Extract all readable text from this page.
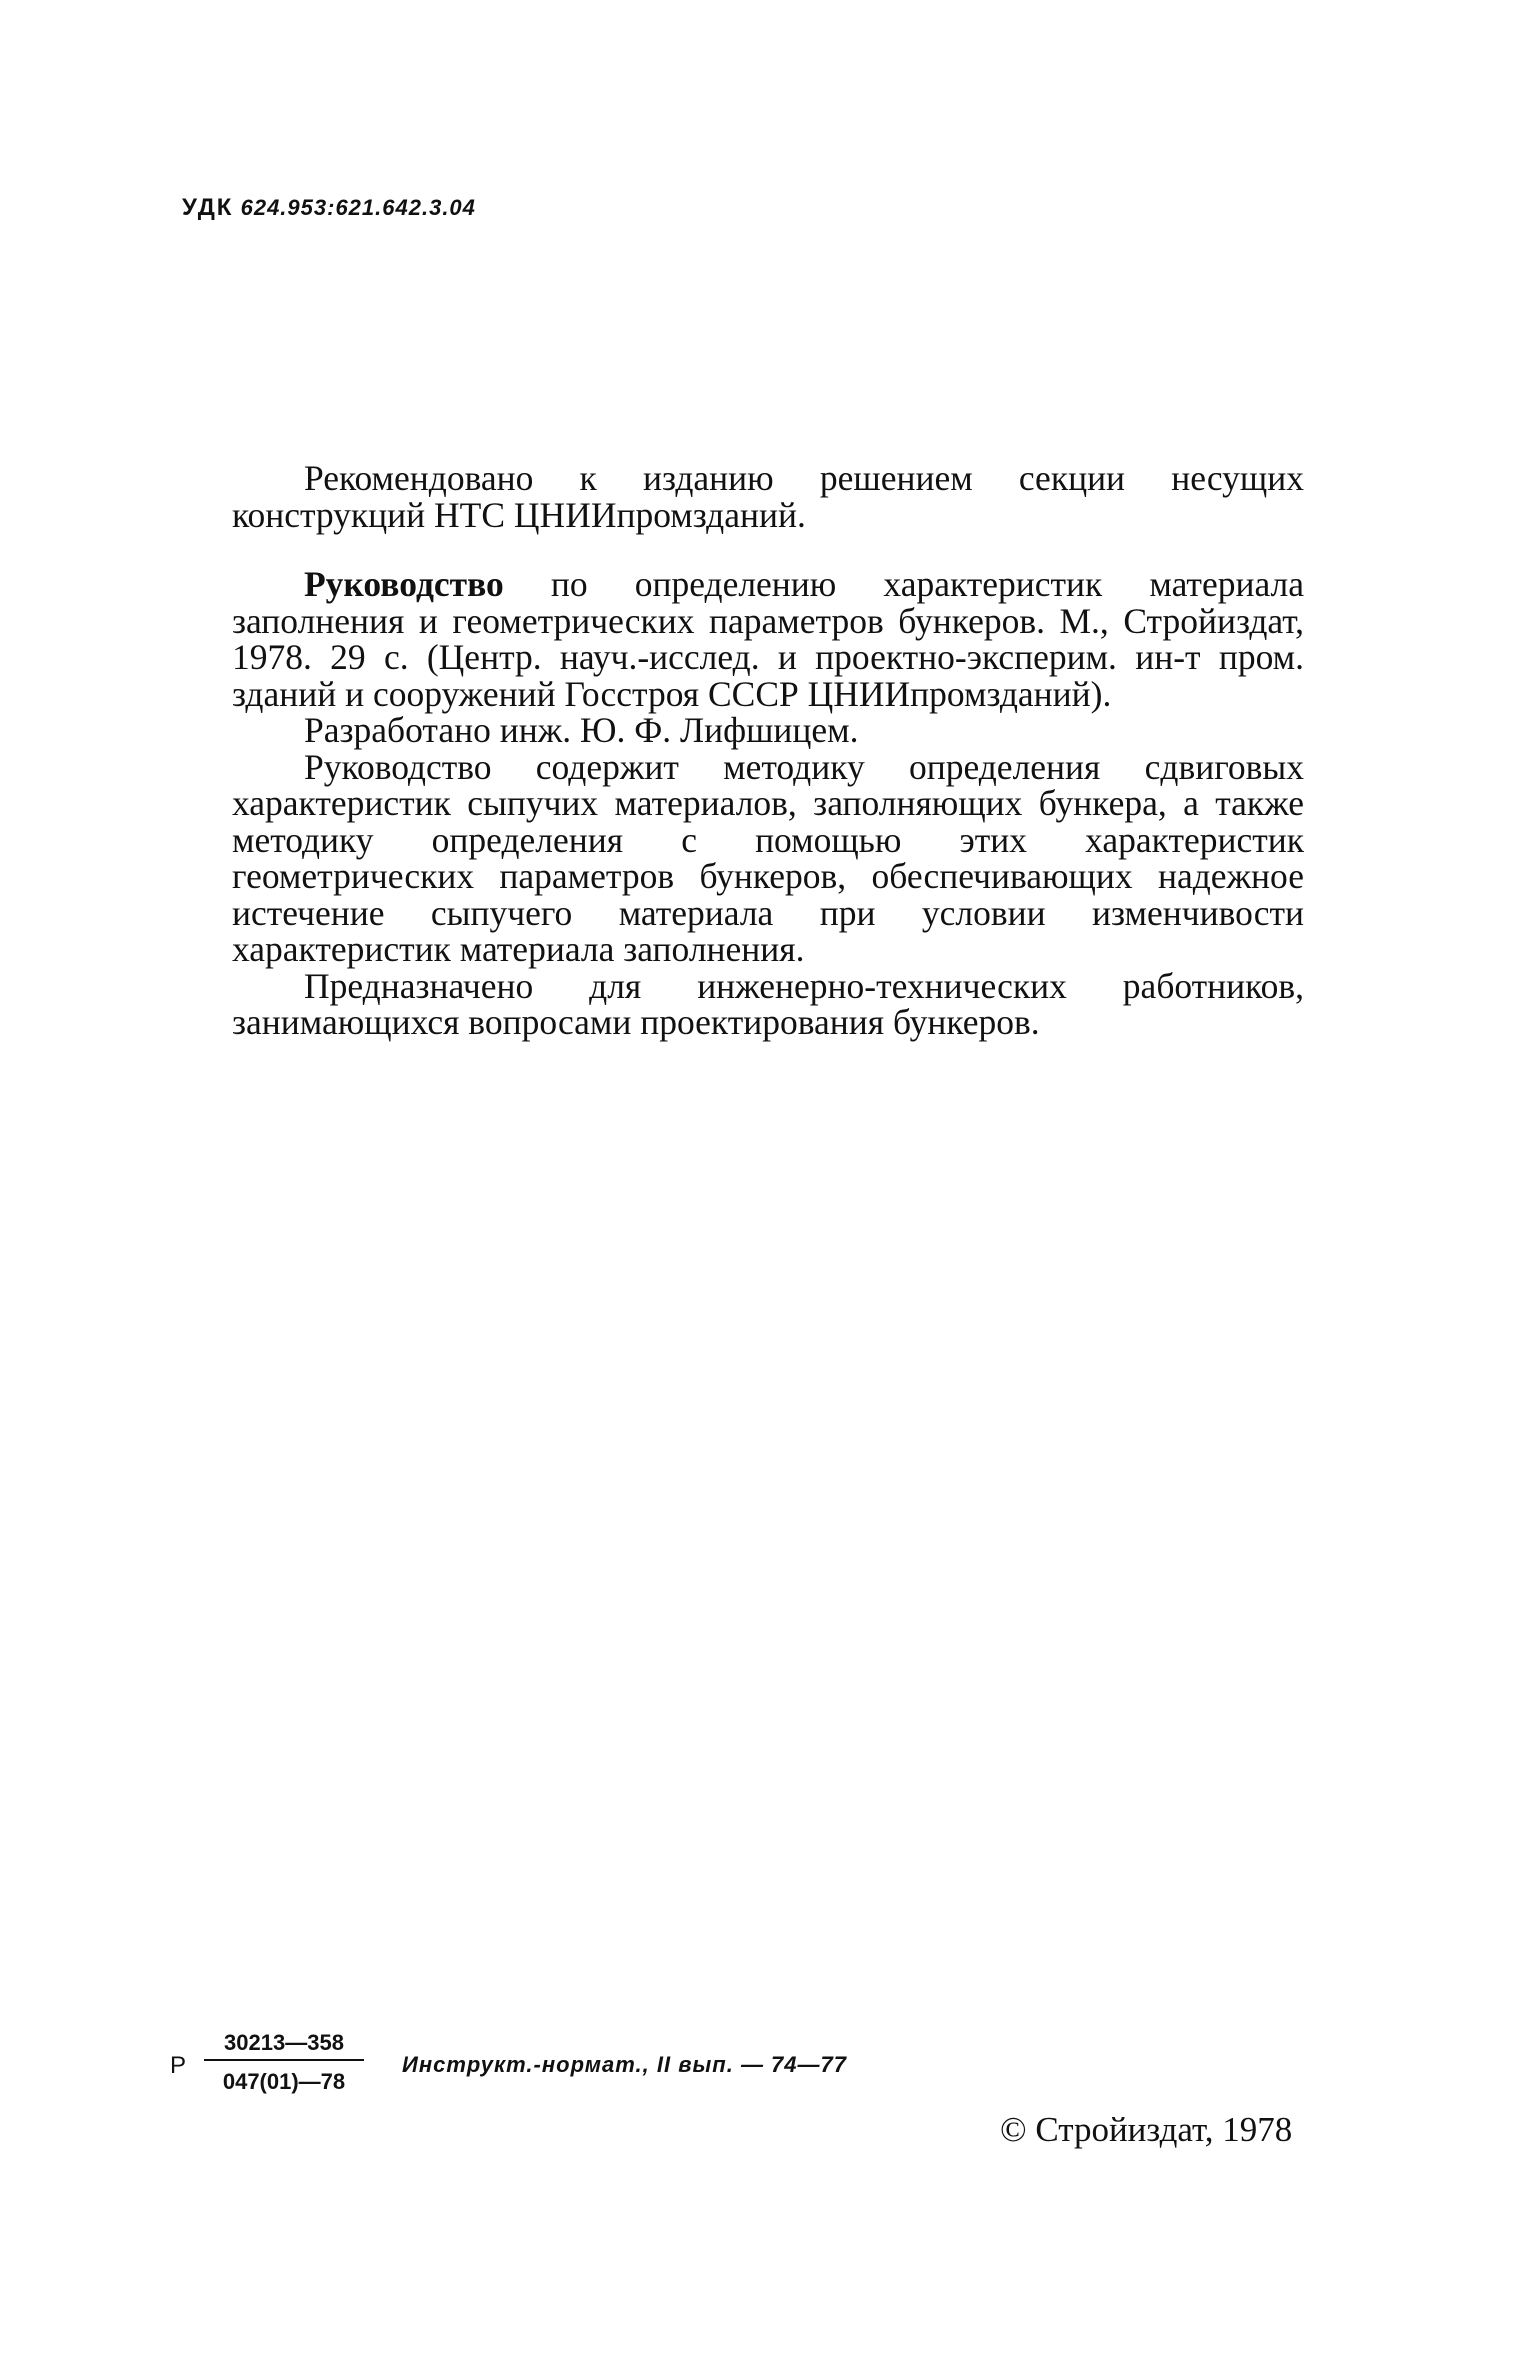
УДК 624.953:621.642.3.04

Рекомендовано к изданию решением секции несущих конструкций НТС ЦНИИпромзданий.

Руководство по определению характеристик материала заполнения и геометрических параметров бункеров. М., Стройиздат, 1978. 29 с. (Центр. науч.-исслед. и проектно-эксперим. ин-т пром. зданий и сооружений Госстроя СССР ЦНИИпромзданий).

Разработано инж. Ю. Ф. Лифшицем.

Руководство содержит методику определения сдвиговых характеристик сыпучих материалов, заполняющих бункера, а также методику определения с помощью этих характеристик геометрических параметров бункеров, обеспечивающих надежное истечение сыпучего материала при условии изменчивости характеристик материала заполнения.

Предназначено для инженерно-технических работников, занимающихся вопросами проектирования бункеров.

Р $\frac{30213—358}{047(01)—78}$ Инструкт.-нормат., II вып. — 74—77
© Стройиздат, 1978
